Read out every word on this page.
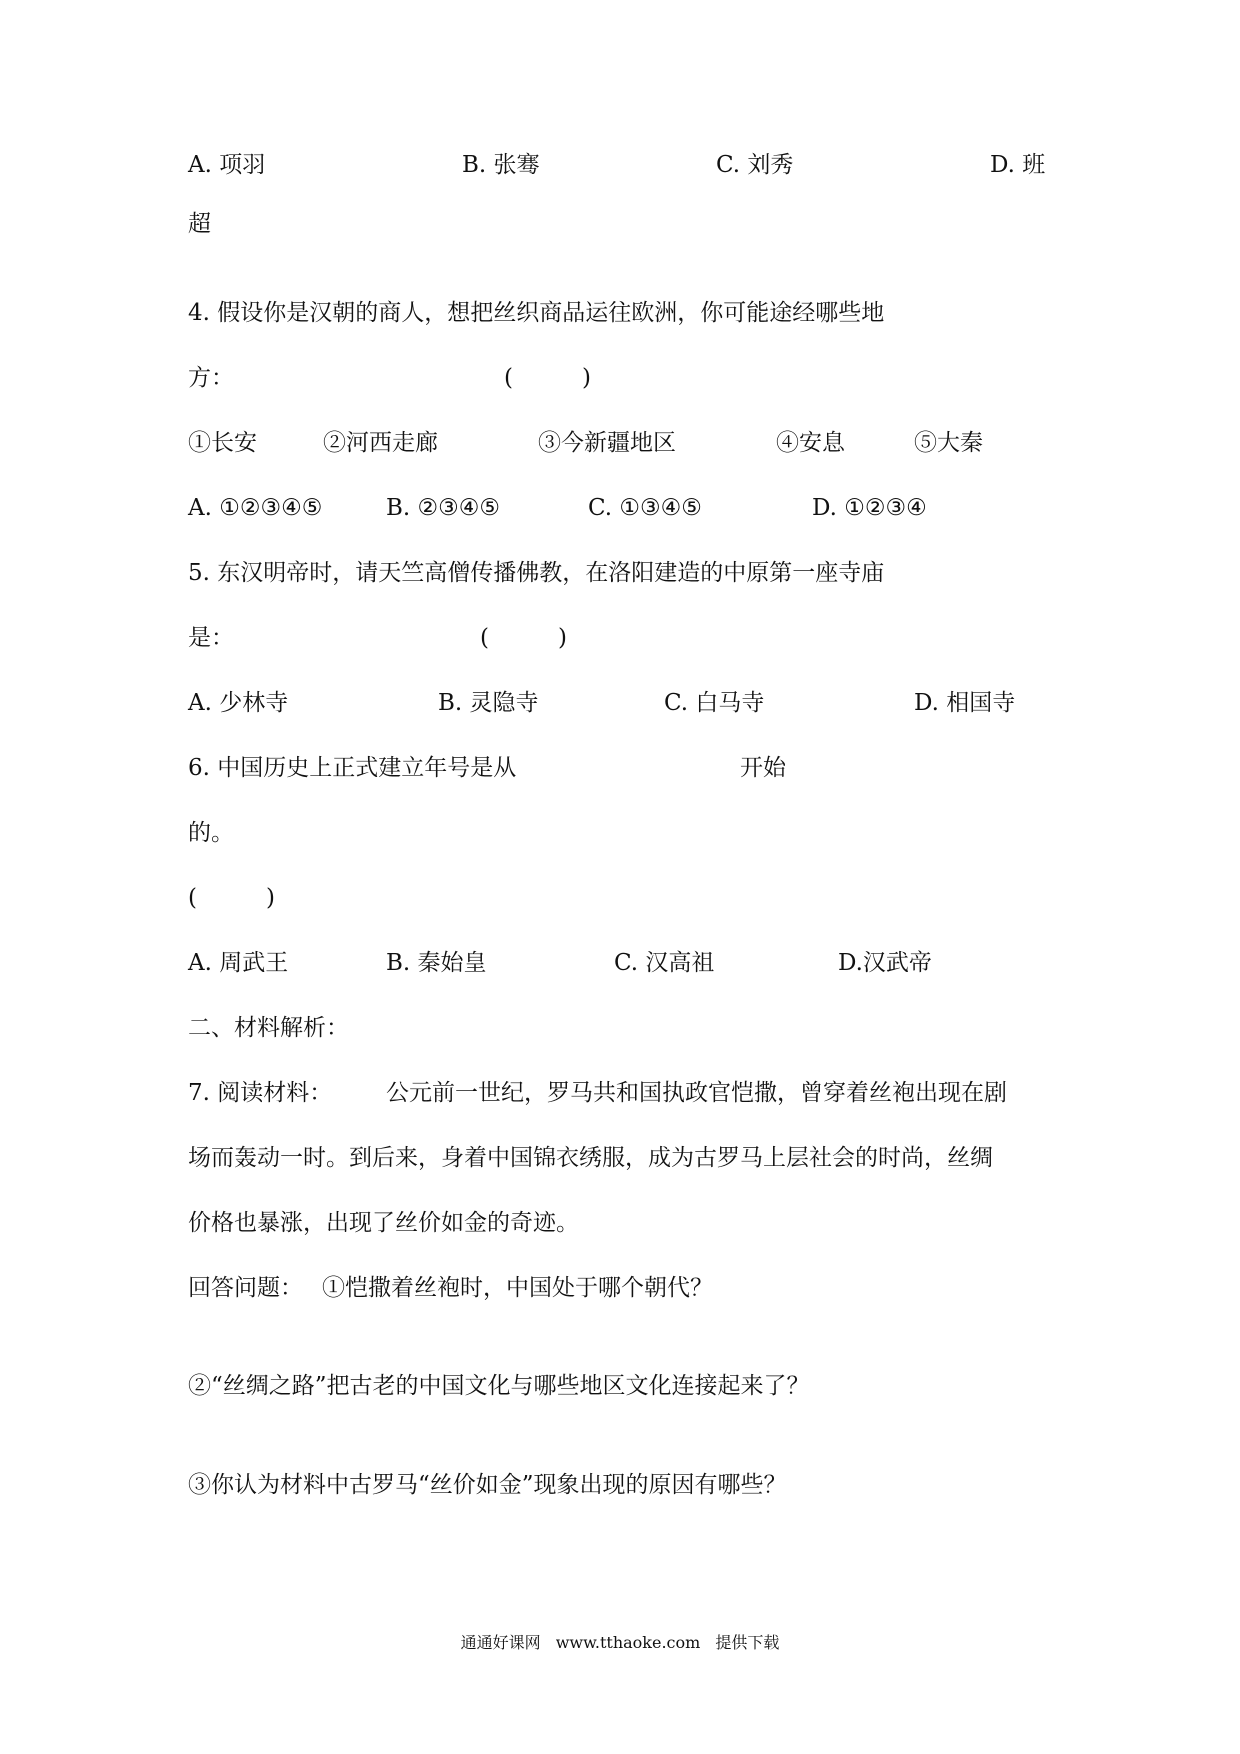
A. 项羽	B. 张骞	C. 刘秀	D. 班
超
4. 假设你是汉朝的商人，想把丝织商品运往欧洲，你可能途经哪些地
方：	(　　　)
①长安	②河西走廊	③今新疆地区	④安息	⑤大秦
A. ①②③④⑤	B. ②③④⑤	C. ①③④⑤	D. ①②③④
5. 东汉明帝时，请天竺高僧传播佛教，在洛阳建造的中原第一座寺庙
是：	(　　　)
A. 少林寺	B. 灵隐寺	C. 白马寺	D. 相国寺
6. 中国历史上正式建立年号是从	开始
的。
(　　　)
A. 周武王	B. 秦始皇	C. 汉高祖	D.汉武帝
二、材料解析：
7. 阅读材料： 公元前一世纪，罗马共和国执政官恺撒，曾穿着丝袍出现在剧
场而轰动一时。到后来，身着中国锦衣绣服，成为古罗马上层社会的时尚，丝绸
价格也暴涨，出现了丝价如金的奇迹。
回答问题： ①恺撒着丝袍时，中国处于哪个朝代？
②“丝绸之路”把古老的中国文化与哪些地区文化连接起来了？
③你认为材料中古罗马“丝价如金”现象出现的原因有哪些？
通通好课网 www.tthaoke.com 提供下载
